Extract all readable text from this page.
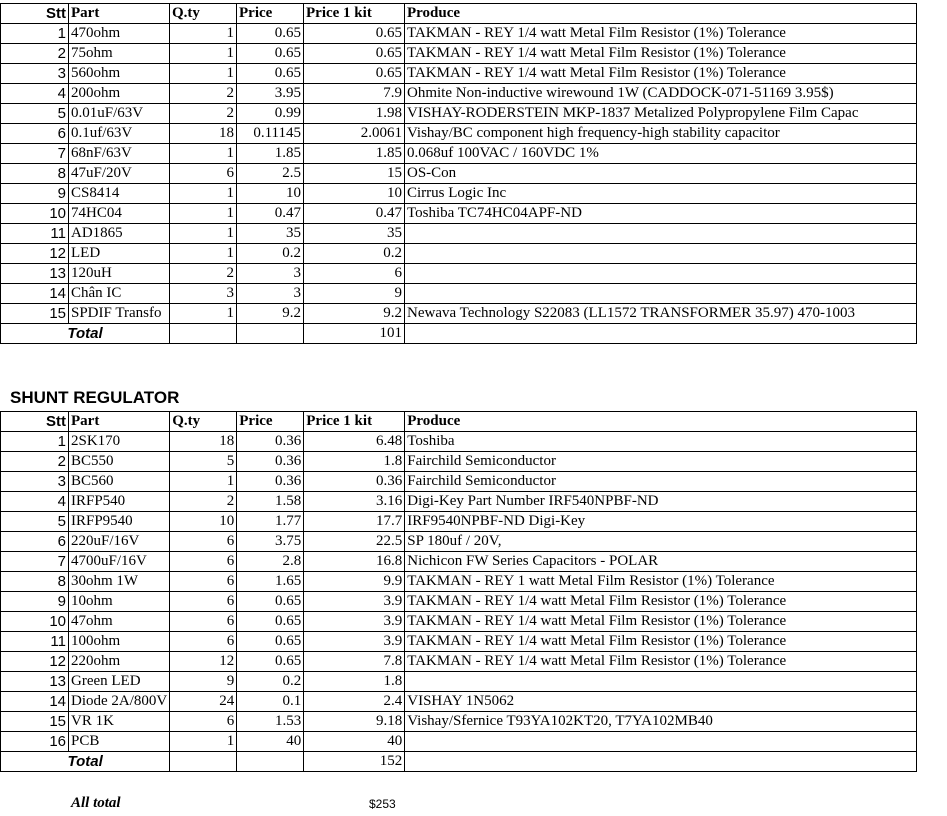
Stt	Part	Q.ty	Price	Price 1 kit	Produce
1	470ohm	1	0.65	0.65	TAKMAN - REY 1/4 watt Metal Film Resistor (1%) Tolerance
2	75ohm	1	0.65	0.65	TAKMAN - REY 1/4 watt Metal Film Resistor (1%) Tolerance
3	560ohm	1	0.65	0.65	TAKMAN - REY 1/4 watt Metal Film Resistor (1%) Tolerance
4	200ohm	2	3.95	7.9	Ohmite Non-inductive wirewound 1W (CADDOCK-071-51169 3.95$)
5	0.01uF/63V	2	0.99	1.98	VISHAY-RODERSTEIN MKP-1837 Metalized Polypropylene Film Capac
6	0.1uf/63V	18	0.11145	2.0061	Vishay/BC component high frequency-high stability capacitor
7	68nF/63V	1	1.85	1.85	0.068uf 100VAC / 160VDC 1%
8	47uF/20V	6	2.5	15	OS-Con
9	CS8414	1	10	10	Cirrus Logic Inc
10	74HC04	1	0.47	0.47	Toshiba TC74HC04APF-ND
11	AD1865	1	35	35	
12	LED	1	0.2	0.2	
13	120uH	2	3	6	
14	Chân IC	3	3	9	
15	SPDIF Transfo	1	9.2	9.2	Newava Technology S22083 (LL1572 TRANSFORMER 35.97) 470-1003
Total				101	
SHUNT REGULATOR
Stt	Part	Q.ty	Price	Price 1 kit	Produce
1	2SK170	18	0.36	6.48	Toshiba
2	BC550	5	0.36	1.8	Fairchild Semiconductor
3	BC560	1	0.36	0.36	Fairchild Semiconductor
4	IRFP540	2	1.58	3.16	Digi-Key Part Number IRF540NPBF-ND
5	IRFP9540	10	1.77	17.7	IRF9540NPBF-ND Digi-Key
6	220uF/16V	6	3.75	22.5	SP 180uf / 20V,
7	4700uF/16V	6	2.8	16.8	Nichicon FW Series Capacitors - POLAR
8	30ohm 1W	6	1.65	9.9	TAKMAN - REY 1 watt Metal Film Resistor (1%) Tolerance
9	10ohm	6	0.65	3.9	TAKMAN - REY 1/4 watt Metal Film Resistor (1%) Tolerance
10	47ohm	6	0.65	3.9	TAKMAN - REY 1/4 watt Metal Film Resistor (1%) Tolerance
11	100ohm	6	0.65	3.9	TAKMAN - REY 1/4 watt Metal Film Resistor (1%) Tolerance
12	220ohm	12	0.65	7.8	TAKMAN - REY 1/4 watt Metal Film Resistor (1%) Tolerance
13	Green LED	9	0.2	1.8	
14	Diode 2A/800V	24	0.1	2.4	VISHAY 1N5062
15	VR 1K	6	1.53	9.18	Vishay/Sfernice T93YA102KT20, T7YA102MB40
16	PCB	1	40	40	
Total				152	
All total	$253
